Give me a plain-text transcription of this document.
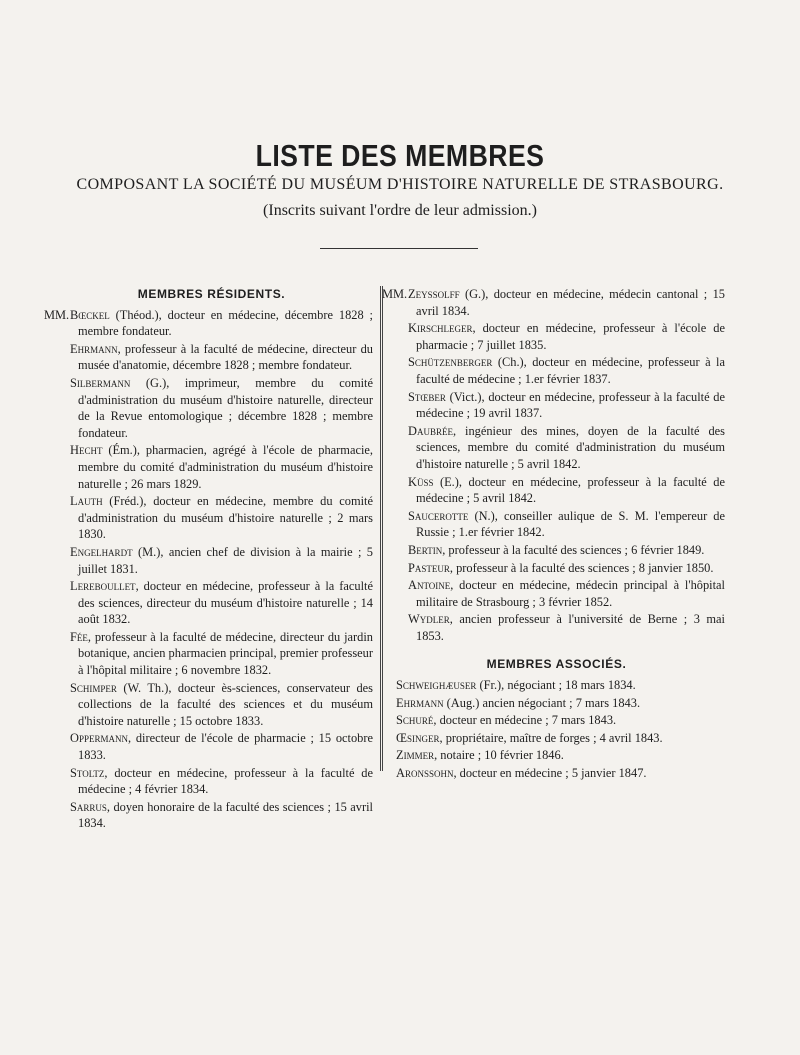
LISTE DES MEMBRES
COMPOSANT LA SOCIÉTÉ DU MUSÉUM D'HISTOIRE NATURELLE DE STRASBOURG.
(Inscrits suivant l'ordre de leur admission.)
MEMBRES RÉSIDENTS.

MM. Bœckel (Théod.), docteur en médecine, décembre 1828 ; membre fondateur.

Ehrmann, professeur à la faculté de médecine, directeur du musée d'anatomie, décembre 1828 ; membre fondateur.

Silbermann (G.), imprimeur, membre du comité d'administration du muséum d'histoire naturelle, directeur de la Revue entomologique ; décembre 1828 ; membre fondateur.

Hecht (Ém.), pharmacien, agrégé à l'école de pharmacie, membre du comité d'administration du muséum d'histoire naturelle ; 26 mars 1829.

Lauth (Fréd.), docteur en médecine, membre du comité d'administration du muséum d'histoire naturelle ; 2 mars 1830.

Engelhardt (M.), ancien chef de division à la mairie ; 5 juillet 1831.

Lereboullet, docteur en médecine, professeur à la faculté des sciences, directeur du muséum d'histoire naturelle ; 14 août 1832.

Fée, professeur à la faculté de médecine, directeur du jardin botanique, ancien pharmacien principal, premier professeur à l'hôpital militaire ; 6 novembre 1832.

Schimper (W. Th.), docteur ès-sciences, conservateur des collections de la faculté des sciences et du muséum d'histoire naturelle ; 15 octobre 1833.

Oppermann, directeur de l'école de pharmacie ; 15 octobre 1833.

Stoltz, docteur en médecine, professeur à la faculté de médecine ; 4 février 1834.

Sarrus, doyen honoraire de la faculté des sciences ; 15 avril 1834.

MM. Zeyssolff (G.), docteur en médecine, médecin cantonal ; 15 avril 1834.

Kirschleger, docteur en médecine, professeur à l'école de pharmacie ; 7 juillet 1835.

Schützenberger (Ch.), docteur en médecine, professeur à la faculté de médecine ; 1.er février 1837.

Stœber (Vict.), docteur en médecine, professeur à la faculté de médecine ; 19 avril 1837.

Daubrée, ingénieur des mines, doyen de la faculté des sciences, membre du comité d'administration du muséum d'histoire naturelle ; 5 avril 1842.

Küss (E.), docteur en médecine, professeur à la faculté de médecine ; 5 avril 1842.

Saucerotte (N.), conseiller aulique de S. M. l'empereur de Russie ; 1.er février 1842.

Bertin, professeur à la faculté des sciences ; 6 février 1849.

Pasteur, professeur à la faculté des sciences ; 8 janvier 1850.

Antoine, docteur en médecine, médecin principal à l'hôpital militaire de Strasbourg ; 3 février 1852.

Wydler, ancien professeur à l'université de Berne ; 3 mai 1853.

MEMBRES ASSOCIÉS.

Schweighæuser (Fr.), négociant ; 18 mars 1834.

Ehrmann (Aug.) ancien négociant ; 7 mars 1843.

Schuré, docteur en médecine ; 7 mars 1843.

Œsinger, propriétaire, maître de forges ; 4 avril 1843.

Zimmer, notaire ; 10 février 1846.

Aronssohn, docteur en médecine ; 5 janvier 1847.
